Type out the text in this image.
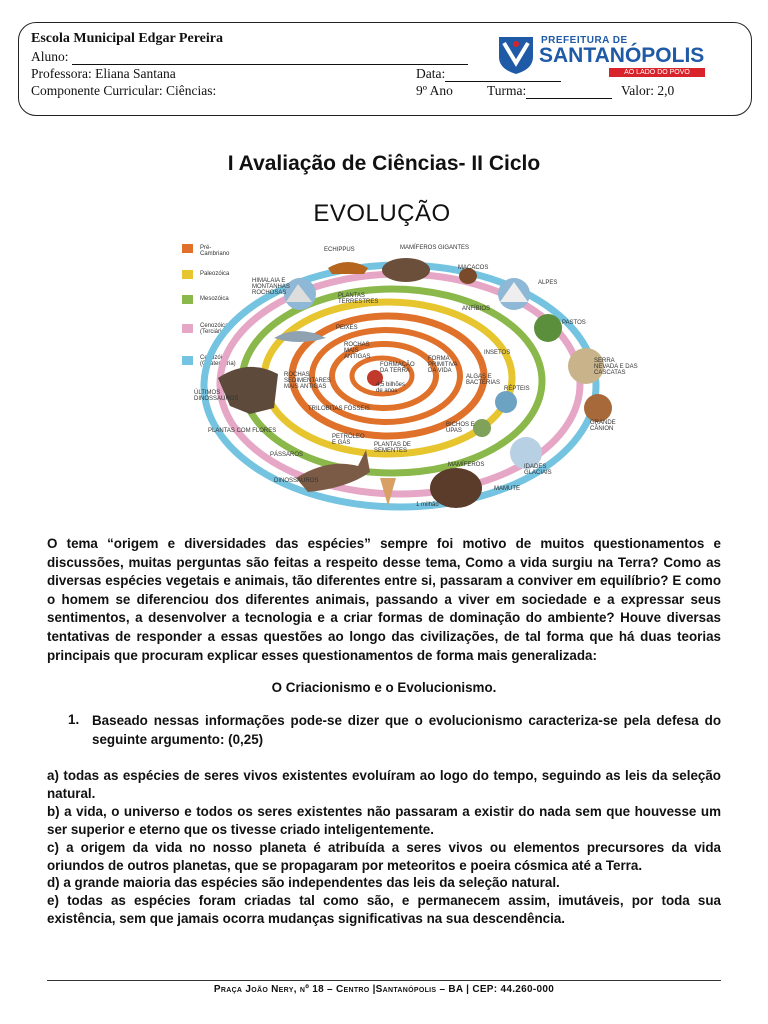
Escola Municipal Edgar Pereira
Aluno:
Professora: Eliana Santana	Data:
Componente Curricular: Ciências:	9º Ano	Turma:	Valor: 2,0
PREFEITURA DE
SANTANÓPOLIS
AO LADO DO POVO
I Avaliação de Ciências- II Ciclo
EVOLUÇÃO
Pré-Cambriano
Paleozóica
Mesozóica
Cenozóica (Terciária)
Cenozóica (Quaternária)
ECHIPPUS	MAMÍFEROS GIGANTES
MACACOS
ALPES
PASTOS
HIMALAIA E MONTANHAS ROCHOSAS	PLANTAS TERRESTRES
ANFÍBIOS
PEIXES
ROCHAS MAIS ANTIGAS
FORMAÇÃO DA TERRA
FORMA PRIMITIVA DA VIDA
INSETOS
SERRA NEVADA E DAS CASCATAS
ALGAS E BACTÉRIAS
RÉPTEIS
ROCHAS SEDIMENTARES MAIS ANTIGAS
ÚLTIMOS DINOSSAUROS
4,5 bilhões de anos
GRANDE CÂNION
TRILOBITAS FÓSSEIS
PETRÓLEO E GÁS
PLANTAS COM FLORES
PÁSSAROS
PLANTAS DE SEMENTES
BICHOS E UPAS
MAMÍFEROS	IDADES GLACIAIS
DINOSSAUROS
MAMUTE
1 milhão
O tema “origem e diversidades das espécies” sempre foi motivo de muitos questionamentos e discussões, muitas perguntas são feitas a respeito desse tema, Como a vida surgiu na Terra? Como as diversas espécies vegetais e animais, tão diferentes entre si, passaram a conviver em equilíbrio? E como o homem se diferenciou dos diferentes animais, passando a viver em sociedade e a expressar seus sentimentos, a desenvolver a tecnologia e a criar formas de dominação do ambiente? Houve diversas tentativas de responder a essas questões ao longo das civilizações, de tal forma que há duas teorias principais que procuram explicar esses questionamentos de forma mais generalizada:
O Criacionismo e o Evolucionismo.
1. Baseado nessas informações pode-se dizer que o evolucionismo caracteriza-se pela defesa do seguinte argumento: (0,25)

a) todas as espécies de seres vivos existentes evoluíram ao logo do tempo, seguindo as leis da seleção natural.

b) a vida, o universo e todos os seres existentes não passaram a existir do nada sem que houvesse um ser superior e eterno que os tivesse criado inteligentemente.

c) a origem da vida no nosso planeta é atribuída a seres vivos ou elementos precursores da vida oriundos de outros planetas, que se propagaram por meteoritos e poeira cósmica até a Terra.

d) a grande maioria das espécies são independentes das leis da seleção natural.

e) todas as espécies foram criadas tal como são, e permanecem assim, imutáveis, por toda sua existência, sem que jamais ocorra mudanças significativas na sua descendência.

Praça João Nery, nº 18 – Centro |Santanópolis – BA | CEP: 44.260-000
